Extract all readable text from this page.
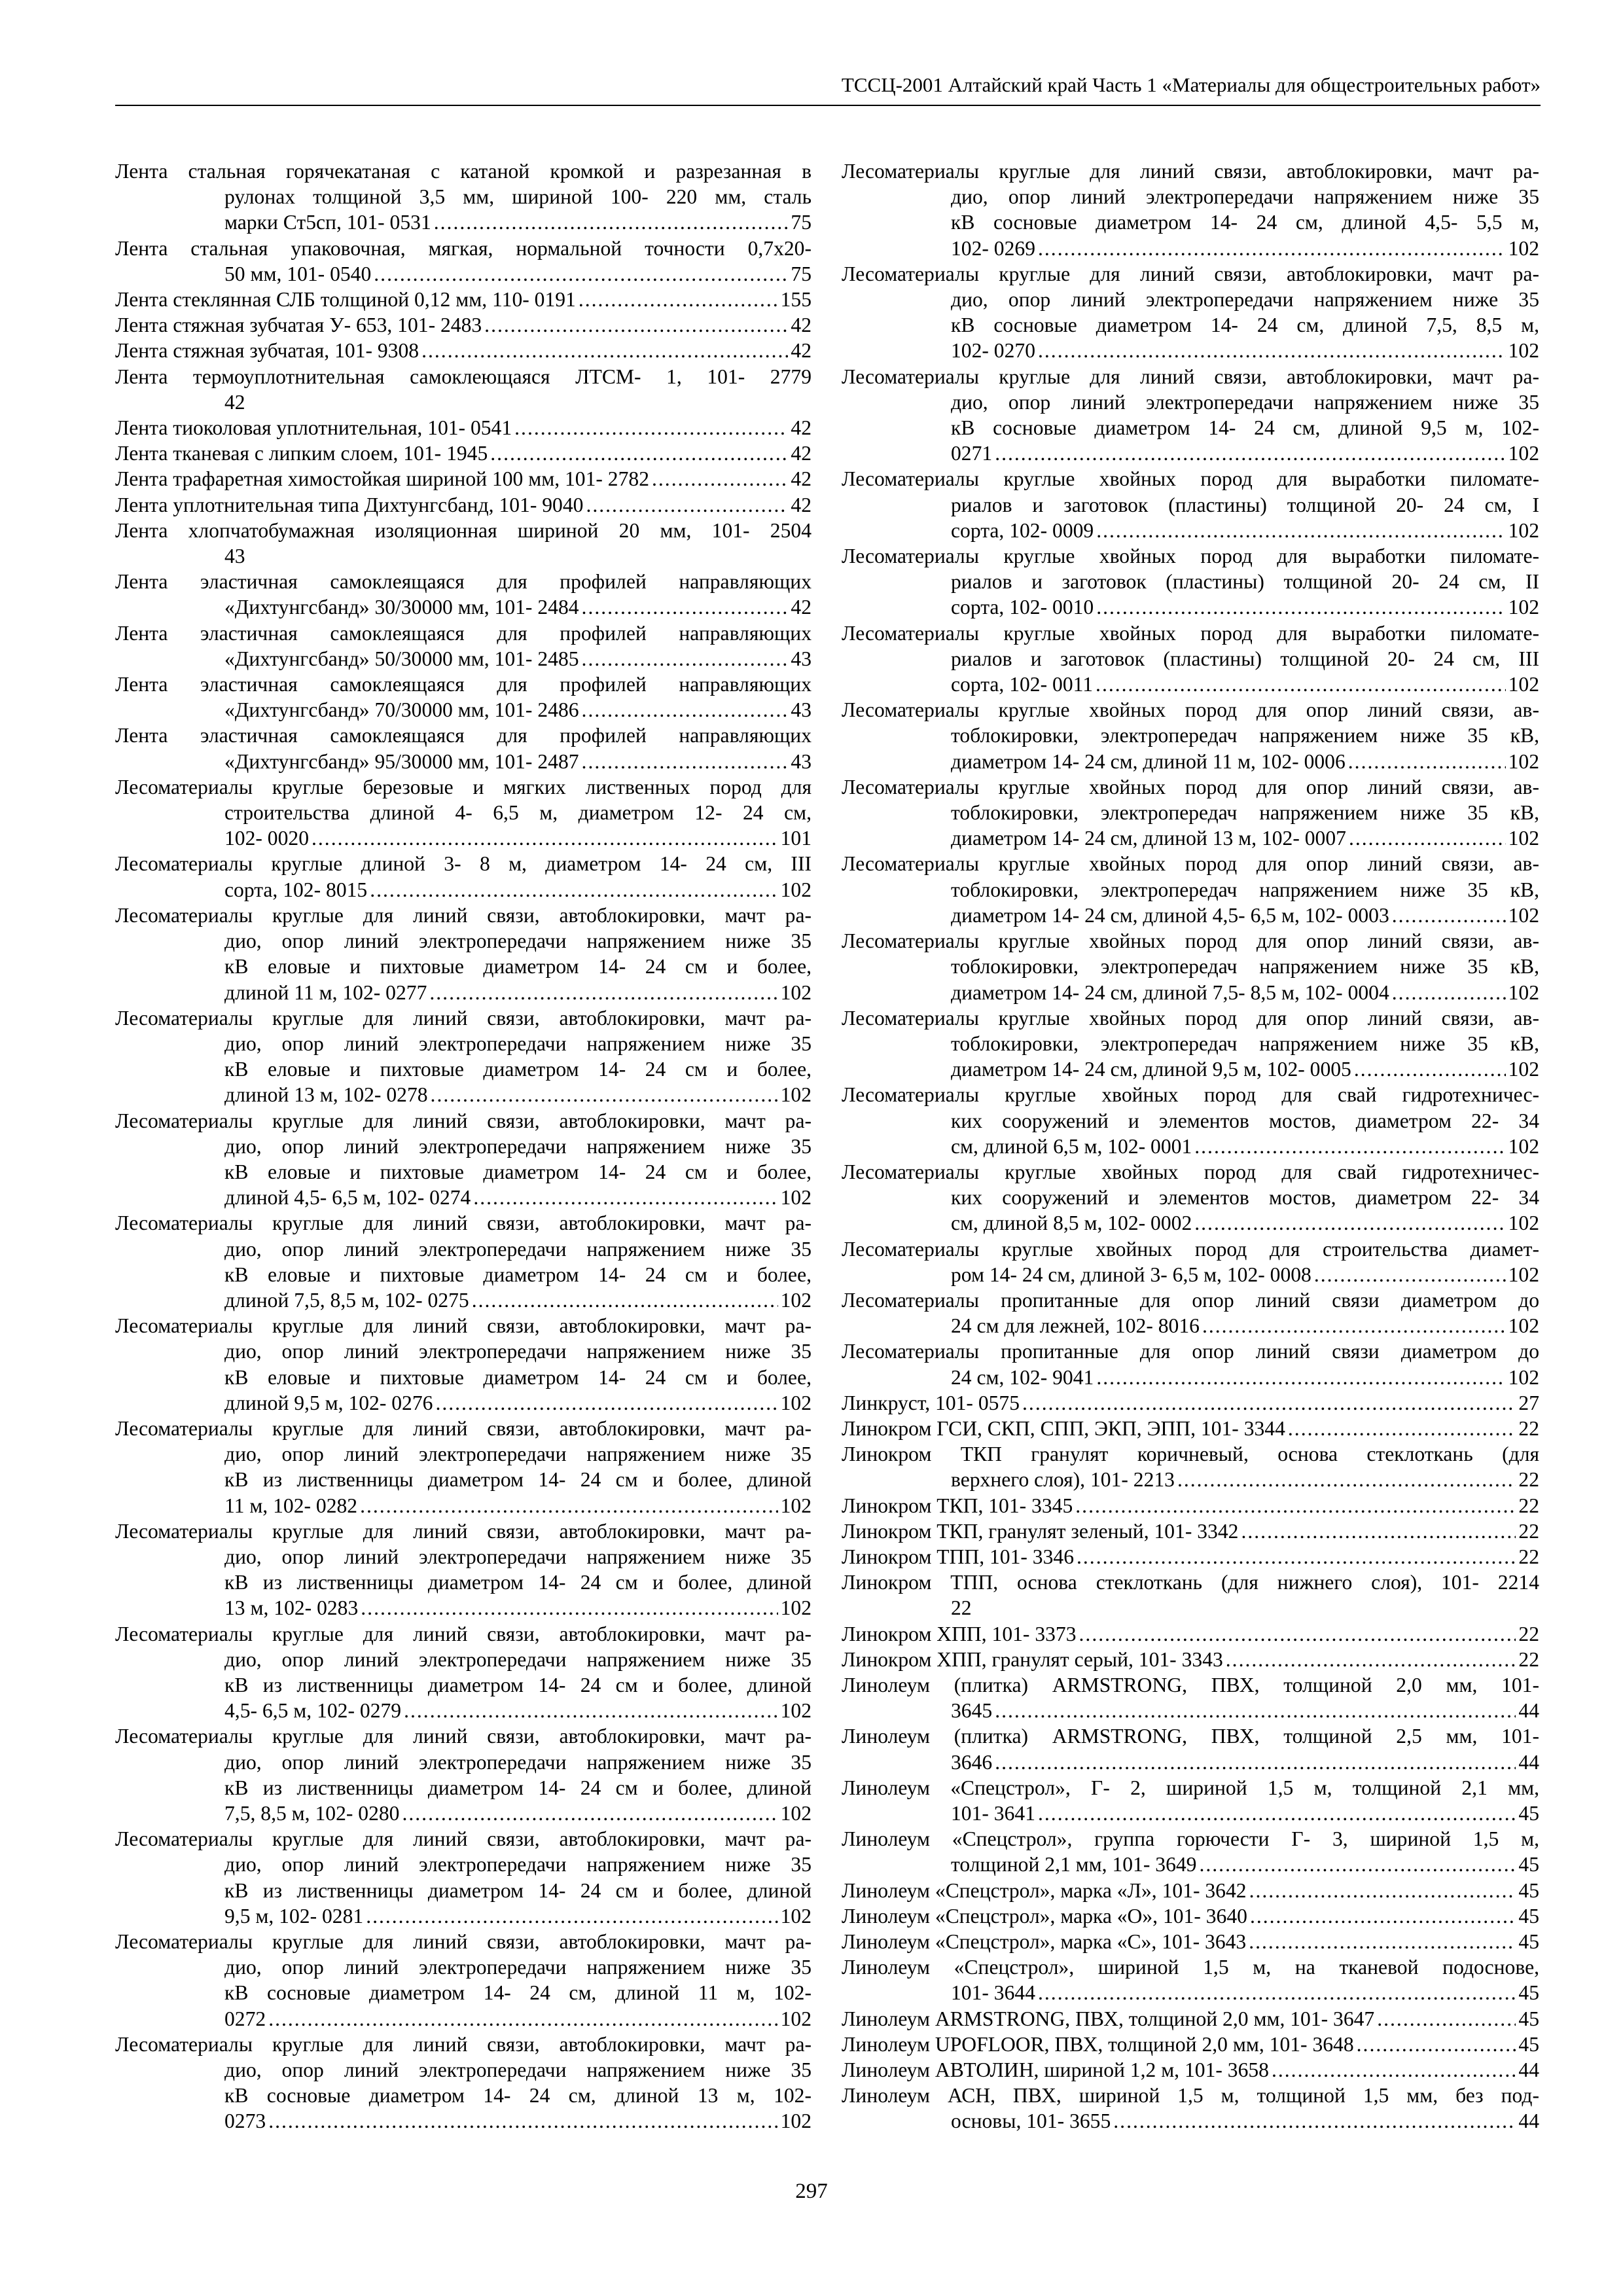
ТССЦ-2001 Алтайский край Часть 1 «Материалы для общестроительных работ»
Лента стальная горячекатаная с катаной кромкой и разрезанная в
рулонах толщиной 3,5 мм, шириной 100- 220 мм, сталь
марки Ст5сп, 101- 0531 .....	75
Лента стальная упаковочная, мягкая, нормальной точности 0,7х20-
50 мм, 101- 0540 .....	75
Лента стеклянная СЛБ толщиной 0,12 мм, 110- 0191 .....	155
Лента стяжная зубчатая У- 653, 101- 2483 .....	42
Лента стяжная зубчатая, 101- 9308 .....	42
Лента термоуплотнительная самоклеющаяся ЛТСМ- 1, 101- 2779
42
Лента тиоколовая уплотнительная, 101- 0541 .....	42
Лента тканевая с липким слоем, 101- 1945 .....	42
Лента трафаретная химостойкая шириной 100 мм, 101- 2782 .....	42
Лента уплотнительная типа Дихтунгсбанд, 101- 9040 .....	42
Лента хлопчатобумажная изоляционная шириной 20 мм, 101- 2504
43
Лента эластичная самоклеящаяся для профилей направляющих
«Дихтунгсбанд» 30/30000 мм, 101- 2484 .....	42
Лента эластичная самоклеящаяся для профилей направляющих
«Дихтунгсбанд» 50/30000 мм, 101- 2485 .....	43
Лента эластичная самоклеящаяся для профилей направляющих
«Дихтунгсбанд» 70/30000 мм, 101- 2486 .....	43
Лента эластичная самоклеящаяся для профилей направляющих
«Дихтунгсбанд» 95/30000 мм, 101- 2487 .....	43
Лесоматериалы круглые березовые и мягких лиственных пород для
строительства длиной 4- 6,5 м, диаметром 12- 24 см,
102- 0020 .....	101
Лесоматериалы круглые длиной 3- 8 м, диаметром 14- 24 см, III
сорта, 102- 8015 .....	102
Лесоматериалы круглые для линий связи, автоблокировки, мачт ра-
дио, опор линий электропередачи напряжением ниже 35
кВ еловые и пихтовые диаметром 14- 24 см и более,
длиной 11 м, 102- 0277 .....	102
Лесоматериалы круглые для линий связи, автоблокировки, мачт ра-
дио, опор линий электропередачи напряжением ниже 35
кВ еловые и пихтовые диаметром 14- 24 см и более,
длиной 13 м, 102- 0278 .....	102
Лесоматериалы круглые для линий связи, автоблокировки, мачт ра-
дио, опор линий электропередачи напряжением ниже 35
кВ еловые и пихтовые диаметром 14- 24 см и более,
длиной 4,5- 6,5 м, 102- 0274 .....	102
Лесоматериалы круглые для линий связи, автоблокировки, мачт ра-
дио, опор линий электропередачи напряжением ниже 35
кВ еловые и пихтовые диаметром 14- 24 см и более,
длиной 7,5, 8,5 м, 102- 0275 .....	102
Лесоматериалы круглые для линий связи, автоблокировки, мачт ра-
дио, опор линий электропередачи напряжением ниже 35
кВ еловые и пихтовые диаметром 14- 24 см и более,
длиной 9,5 м, 102- 0276 .....	102
Лесоматериалы круглые для линий связи, автоблокировки, мачт ра-
дио, опор линий электропередачи напряжением ниже 35
кВ из лиственницы диаметром 14- 24 см и более, длиной
11 м, 102- 0282 .....	102
Лесоматериалы круглые для линий связи, автоблокировки, мачт ра-
дио, опор линий электропередачи напряжением ниже 35
кВ из лиственницы диаметром 14- 24 см и более, длиной
13 м, 102- 0283 .....	102
Лесоматериалы круглые для линий связи, автоблокировки, мачт ра-
дио, опор линий электропередачи напряжением ниже 35
кВ из лиственницы диаметром 14- 24 см и более, длиной
4,5- 6,5 м, 102- 0279 .....	102
Лесоматериалы круглые для линий связи, автоблокировки, мачт ра-
дио, опор линий электропередачи напряжением ниже 35
кВ из лиственницы диаметром 14- 24 см и более, длиной
7,5, 8,5 м, 102- 0280 .....	102
Лесоматериалы круглые для линий связи, автоблокировки, мачт ра-
дио, опор линий электропередачи напряжением ниже 35
кВ из лиственницы диаметром 14- 24 см и более, длиной
9,5 м, 102- 0281 .....	102
Лесоматериалы круглые для линий связи, автоблокировки, мачт ра-
дио, опор линий электропередачи напряжением ниже 35
кВ сосновые диаметром 14- 24 см, длиной 11 м, 102-
0272 .....	102
Лесоматериалы круглые для линий связи, автоблокировки, мачт ра-
дио, опор линий электропередачи напряжением ниже 35
кВ сосновые диаметром 14- 24 см, длиной 13 м, 102-
0273 .....	102
Лесоматериалы круглые для линий связи, автоблокировки, мачт ра-
дио, опор линий электропередачи напряжением ниже 35
кВ сосновые диаметром 14- 24 см, длиной 4,5- 5,5 м,
102- 0269 .....	102
Лесоматериалы круглые для линий связи, автоблокировки, мачт ра-
дио, опор линий электропередачи напряжением ниже 35
кВ сосновые диаметром 14- 24 см, длиной 7,5, 8,5 м,
102- 0270 .....	102
Лесоматериалы круглые для линий связи, автоблокировки, мачт ра-
дио, опор линий электропередачи напряжением ниже 35
кВ сосновые диаметром 14- 24 см, длиной 9,5 м, 102-
0271 .....	102
Лесоматериалы круглые хвойных пород для выработки пиломате-
риалов и заготовок (пластины) толщиной 20- 24 см, I
сорта, 102- 0009 .....	102
Лесоматериалы круглые хвойных пород для выработки пиломате-
риалов и заготовок (пластины) толщиной 20- 24 см, II
сорта, 102- 0010 .....	102
Лесоматериалы круглые хвойных пород для выработки пиломате-
риалов и заготовок (пластины) толщиной 20- 24 см, III
сорта, 102- 0011 .....	102
Лесоматериалы круглые хвойных пород для опор линий связи, ав-
тоблокировки, электропередач напряжением ниже 35 кВ,
диаметром 14- 24 см, длиной 11 м, 102- 0006 .....	102
Лесоматериалы круглые хвойных пород для опор линий связи, ав-
тоблокировки, электропередач напряжением ниже 35 кВ,
диаметром 14- 24 см, длиной 13 м, 102- 0007 .....	102
Лесоматериалы круглые хвойных пород для опор линий связи, ав-
тоблокировки, электропередач напряжением ниже 35 кВ,
диаметром 14- 24 см, длиной 4,5- 6,5 м, 102- 0003 .....	102
Лесоматериалы круглые хвойных пород для опор линий связи, ав-
тоблокировки, электропередач напряжением ниже 35 кВ,
диаметром 14- 24 см, длиной 7,5- 8,5 м, 102- 0004 .....	102
Лесоматериалы круглые хвойных пород для опор линий связи, ав-
тоблокировки, электропередач напряжением ниже 35 кВ,
диаметром 14- 24 см, длиной 9,5 м, 102- 0005 .....	102
Лесоматериалы круглые хвойных пород для свай гидротехничес-
ких сооружений и элементов мостов, диаметром 22- 34
см, длиной 6,5 м, 102- 0001 .....	102
Лесоматериалы круглые хвойных пород для свай гидротехничес-
ких сооружений и элементов мостов, диаметром 22- 34
см, длиной 8,5 м, 102- 0002 .....	102
Лесоматериалы круглые хвойных пород для строительства диамет-
ром 14- 24 см, длиной 3- 6,5 м, 102- 0008 .....	102
Лесоматериалы пропитанные для опор линий связи диаметром до
24 см для лежней, 102- 8016 .....	102
Лесоматериалы пропитанные для опор линий связи диаметром до
24 см, 102- 9041 .....	102
Линкруст, 101- 0575 .....	27
Линокром ГСИ, СКП, СПП, ЭКП, ЭПП, 101- 3344 .....	22
Линокром ТКП гранулят коричневый, основа стеклоткань (для
верхнего слоя), 101- 2213 .....	22
Линокром ТКП, 101- 3345 .....	22
Линокром ТКП, гранулят зеленый, 101- 3342 .....	22
Линокром ТПП, 101- 3346 .....	22
Линокром ТПП, основа стеклоткань (для нижнего слоя), 101- 2214
22
Линокром ХПП, 101- 3373 .....	22
Линокром ХПП, гранулят серый, 101- 3343 .....	22
Линолеум (плитка) ARMSTRONG, ПВХ, толщиной 2,0 мм, 101-
3645 .....	44
Линолеум (плитка) ARMSTRONG, ПВХ, толщиной 2,5 мм, 101-
3646 .....	44
Линолеум «Спецстрол», Г- 2, шириной 1,5 м, толщиной 2,1 мм,
101- 3641 .....	45
Линолеум «Спецстрол», группа горючести Г- 3, шириной 1,5 м,
толщиной 2,1 мм, 101- 3649 .....	45
Линолеум «Спецстрол», марка «Л», 101- 3642 .....	45
Линолеум «Спецстрол», марка «О», 101- 3640 .....	45
Линолеум «Спецстрол», марка «С», 101- 3643 .....	45
Линолеум «Спецстрол», шириной 1,5 м, на тканевой подоснове,
101- 3644 .....	45
Линолеум ARMSTRONG, ПВХ, толщиной 2,0 мм, 101- 3647 .....	45
Линолеум UPOFLOOR, ПВХ, толщиной 2,0 мм, 101- 3648 .....	45
Линолеум АВТОЛИН, шириной 1,2 м, 101- 3658 .....	44
Линолеум АСН, ПВХ, шириной 1,5 м, толщиной 1,5 мм, без под-
основы, 101- 3655 .....	44
297
